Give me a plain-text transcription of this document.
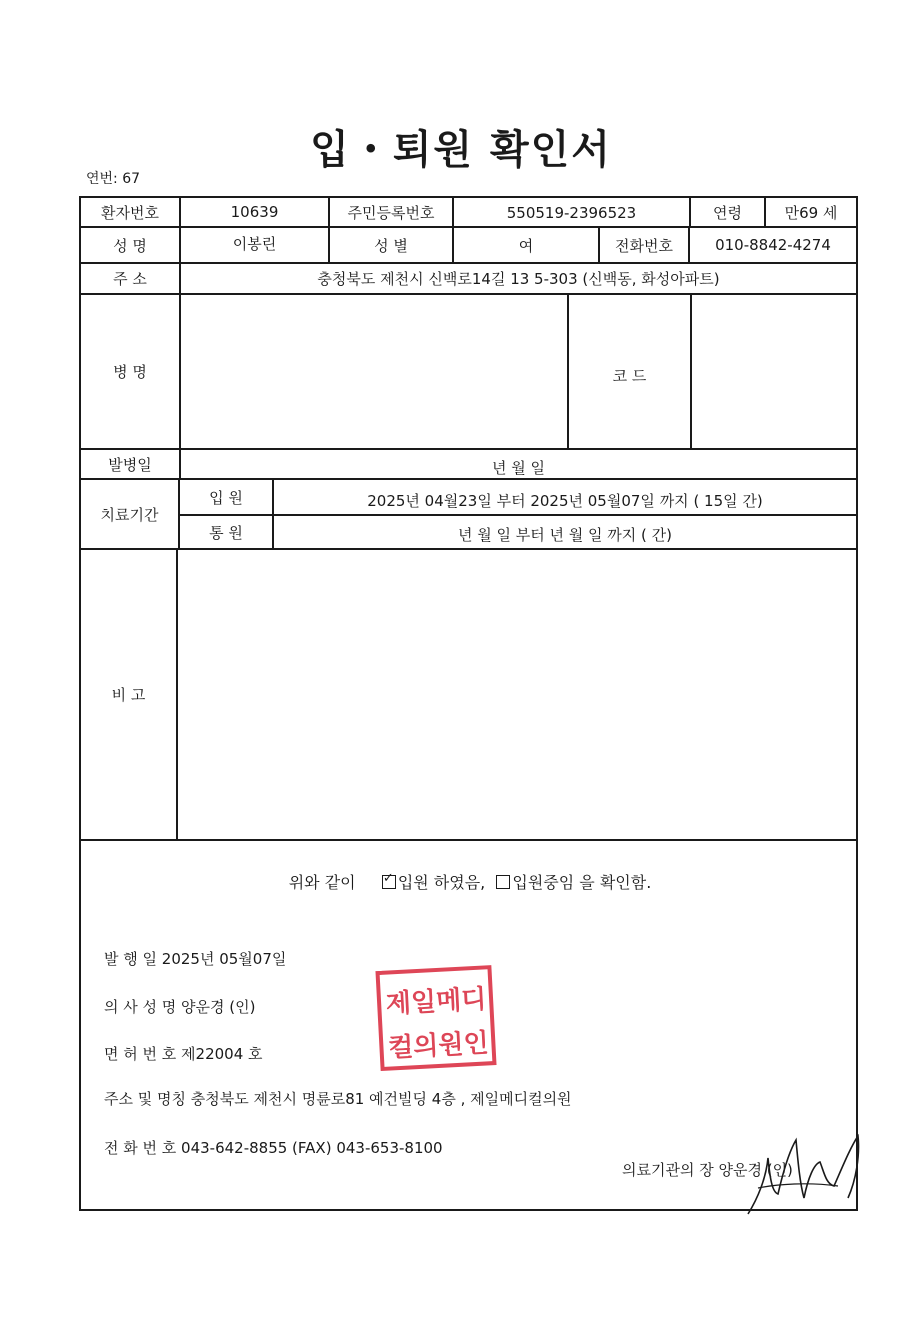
입・퇴원 확인서
연번: 67
환자번호	10639	주민등록번호	550519-2396523	연령	만69 세
성 명	이봉린	성 별	여	전화번호	010-8842-4274
주 소	충청북도 제천시 신백로14길 13 5-303 (신백동, 화성아파트)
병 명	코 드
발병일	년 월 일
치료기간
입 원	2025년 04월23일 부터 2025년 05월07일 까지 ( 15일 간)
통 원	년 월 일 부터 년 월 일 까지 ( 간)
비 고
위와 같이  ✓	입원 하였음, 입원중임 을 확인함.
발 행 일 2025년 05월07일
의 사 성 명 양운경 (인)
면 허 번 호 제22004 호
주소 및 명칭 충청북도 제천시 명륜로81 예건빌딩 4층 , 제일메디컬의원
전 화 번 호 043-642-8855 (FAX) 043-653-8100
의료기관의 장 양운경 (인)
제일메디
컬의원인
